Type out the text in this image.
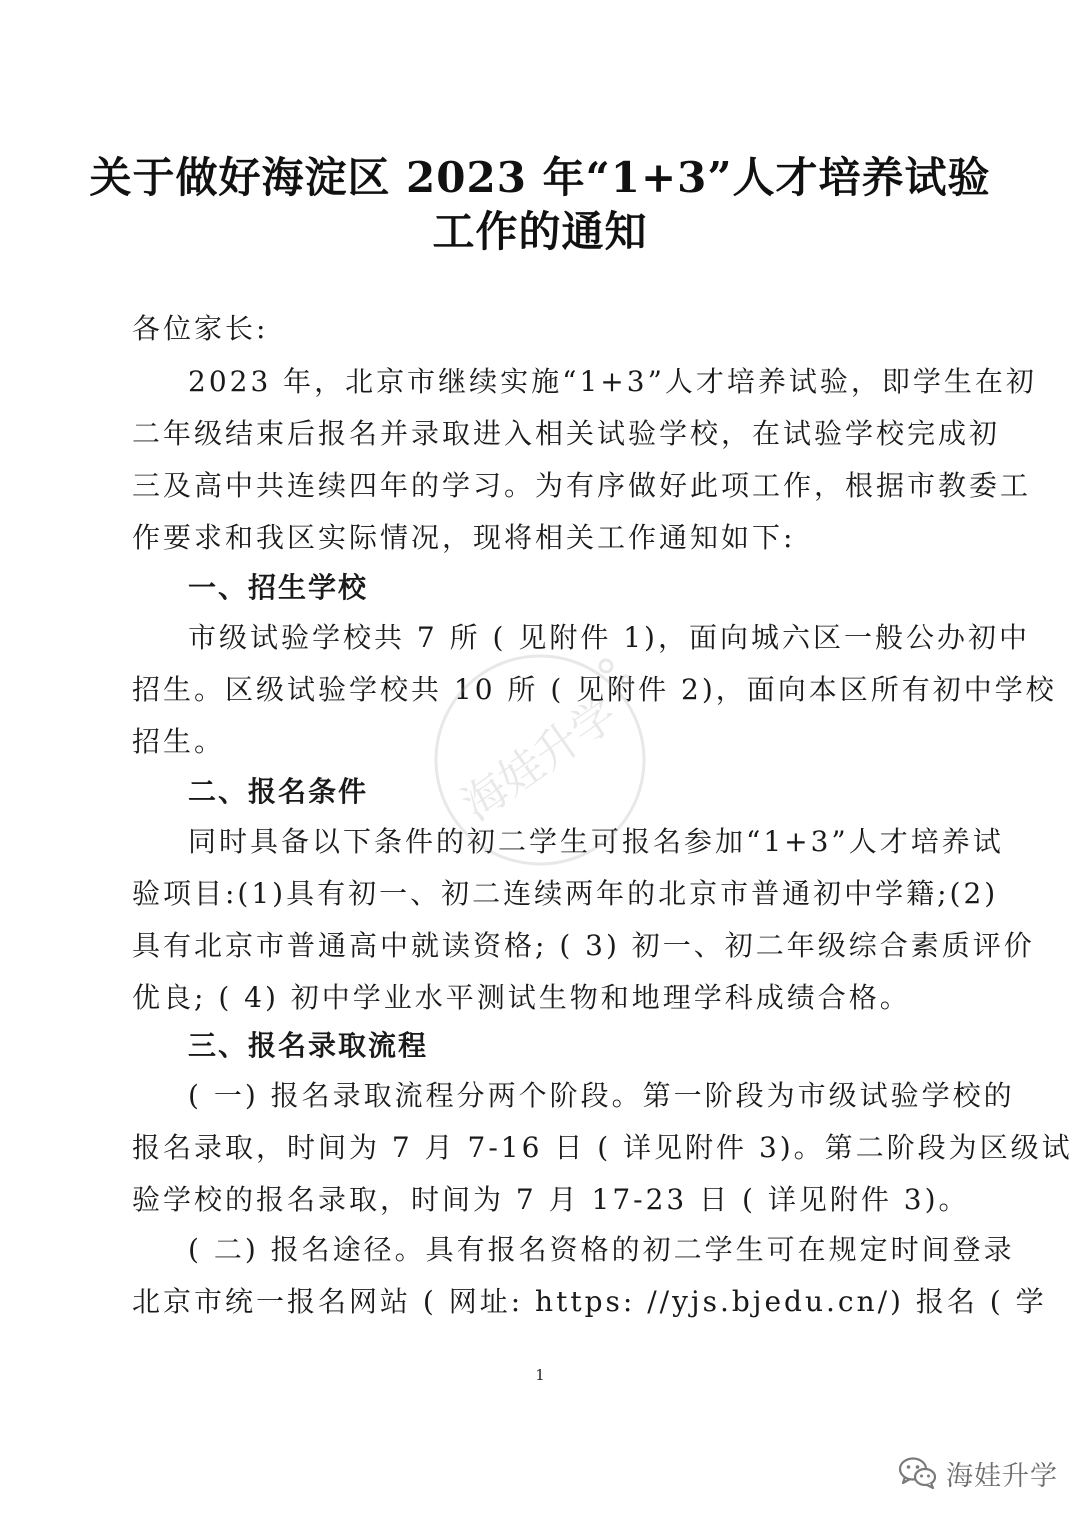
关于做好海淀区 2023 年“1+3”人才培养试验
工作的通知
各位家长:
2023 年，北京市继续实施“1+3”人才培养试验，即学生在初
二年级结束后报名并录取进入相关试验学校，在试验学校完成初
三及高中共连续四年的学习。为有序做好此项工作，根据市教委工
作要求和我区实际情况，现将相关工作通知如下:
一、招生学校
市级试验学校共 7 所 ( 见附件 1)，面向城六区一般公办初中
招生。区级试验学校共 10 所 ( 见附件 2)，面向本区所有初中学校
招生。
二、报名条件
同时具备以下条件的初二学生可报名参加“1+3”人才培养试
验项目:(1)具有初一、初二连续两年的北京市普通初中学籍;(2)
具有北京市普通高中就读资格; ( 3) 初一、初二年级综合素质评价
优良; ( 4) 初中学业水平测试生物和地理学科成绩合格。
三、报名录取流程
( 一) 报名录取流程分两个阶段。第一阶段为市级试验学校的
报名录取，时间为 7 月 7-16 日 ( 详见附件 3)。第二阶段为区级试
验学校的报名录取，时间为 7 月 17-23 日 ( 详见附件 3)。
( 二) 报名途径。具有报名资格的初二学生可在规定时间登录
北京市统一报名网站 ( 网址: https: //yjs.bjedu.cn/) 报名 ( 学
1
海娃升学
海娃升学
